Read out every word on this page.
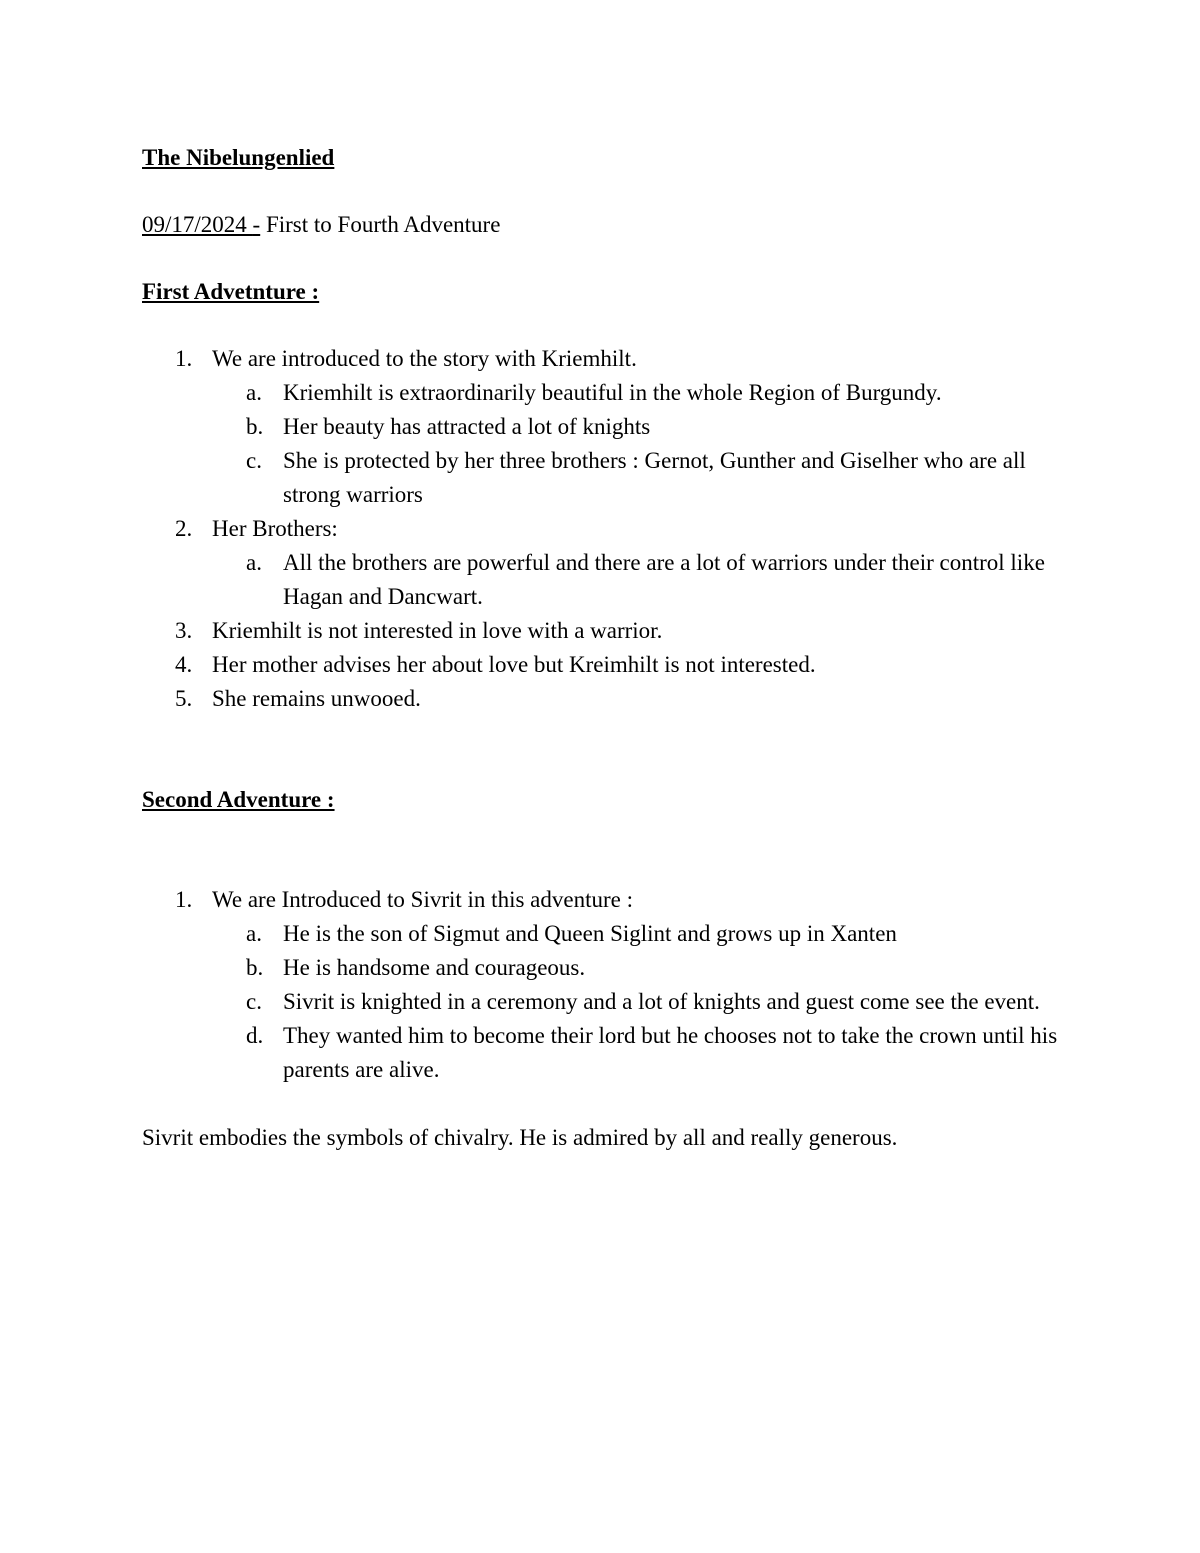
The Nibelungenlied
09/17/2024 - First to Fourth Adventure
First Advetnture :
1. We are introduced to the story with Kriemhilt.
a. Kriemhilt is extraordinarily beautiful in the whole Region of Burgundy.
b. Her beauty has attracted a lot of knights
c. She is protected by her three brothers : Gernot, Gunther and Giselher who are all strong warriors
2. Her Brothers:
a. All the brothers are powerful and there are a lot of warriors under their control like Hagan and Dancwart.
3. Kriemhilt is not interested in love with a warrior.
4. Her mother advises her about love but Kreimhilt is not interested.
5. She remains unwooed.
Second Adventure :
1. We are Introduced to Sivrit in this adventure :
a. He is the son of Sigmut and Queen Siglint and grows up in Xanten
b. He is handsome and courageous.
c. Sivrit is knighted in a ceremony and a lot of knights and guest come see the event.
d. They wanted him to become their lord but he chooses not to take the crown until his parents are alive.
Sivrit embodies the symbols of chivalry. He is admired by all and really generous.
